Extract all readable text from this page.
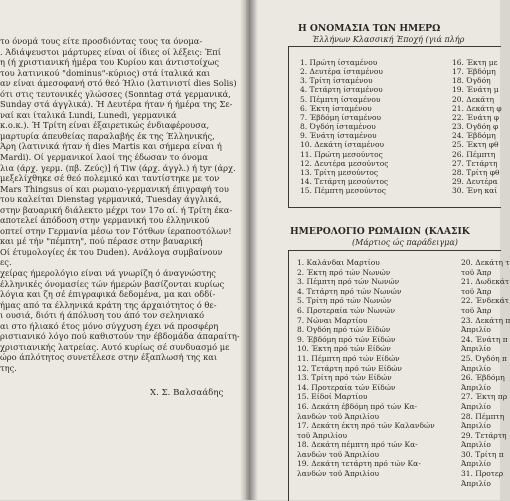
το όνομά τους είτε προσδιόντας τους τα όνομα-
. Άδιάψευστοι μάρτυρες είναι οί ίδιες οί λέξεις: Έπί
η (ή χριστιανική ήμέρα του Κυρίου και άντιστοίχως
του λατινικού "dominus"-κύριος) στά ίταλικά και
αν είναι άμεσοφανή στό θεό Ήλιο (λατινιστί dies Solis)
ότι στις τευτονικές γλώσσες (Sonntag στά γερμανικά,
Sunday στά άγγλικά). Ή Δευτέρα ήταν ή ήμέρα της Σε-
ναί και ίταλικά Lundi, Lunedi, γερμανικά
κ.ο.κ.). Ή Τρίτη είναι έξαιρετικώς ένδιαφέρουσα,
μαρτυρία άπευθείας παραλαβής έκ της Έλληνικής,
Άρη (λατινικά ήταν ή dies Martis και σήμερα είναι ή
Mardi). Οί γερμανικοί λαοί της έδωσαν το όνομα
λια (άρχ. γερμ. (πβ. Ζεύς)] ή Tiw (άρχ. άγγλ.) ή tyr (άρχ.
μεξελίχθηκε σέ θεό πολεμικό και ταυτίστηκε με τον
Mars Thingsus οί και ρωμαιο-γερμανική έπιγραφή του
του καλείται Dienstag γερμανικά, Tuesday άγγλικά,
στην βαυαρική διάλεκτο μέχρι τον 17ο αί. ή Τρίτη έκα-
αποτελεί άπόδοση στην γερμανική του έλληνικού
οπτεί στην Γερμανία μέσω τον Γότθων ίεραποστόλων!
και μέ τήν "πέμπτη", πού πέρασε στην βαυαρική
Οί έτυμολογίες έκ του Duden). Ανάλογα συμβαίνουν
ες.
χείρας ήμερολόγιο είναι νά γνωρίζη ό άναγνώστης
έλληνικές όνομασίες τών ήμερών βασίζονται κυρίως
λόγια και ζη σέ έπιγραφικά δεδομένα, μα και οδδί-
ήμας από τα έλληνικά κράτη της άρχαιότητος ό θε-
ι ουσιά, διότι ή άπόλυση του άπό τον σεληνιακό
αι στο ήλιακό έτος μόνο σύγχυση έχει νά προσφέρη
ριστιανικό λόγο πού καθιστούν την έβδομάδα άπαραίτη-
χριστιανικής λατρείας. Αυτό κυρίως σέ συνδυασμό με
ώρο άπλότητος συνετέλεσε στην έξαπλωσή της και
της.
Χ. Σ. Βαλσαάδης
Η ΟΝΟΜΑΣΙΑ ΤΩΝ ΗΜΕΡΩ
Έλλήνων Κλασσική Έποχή (γιά πλήρ
1. Πρώτη ίσταμένου
2. Δευτέρα ίσταμένου
3. Τρίτη ίσταμένου
4. Τετάρτη ίσταμένου
5. Πέμπτη ίσταμένου
6. Έκτη ίσταμένου
7. Έβδόμη ίσταμένου
8. Όγδόη ίσταμένου
9. Ένάτη ίσταμένου
10. Δεκάτη ίσταμένου
11. Πρώτη μεσούντος
12. Δευτέρα μεσούντος
13. Τρίτη μεσούντος
14. Τετάρτη μεσούντος
15. Πέμπτη μεσούντος
16. Έκτη με
17. Έβδόμη
18. Όγδόη
19. Ένάτη μ
20. Δεκάτη
21. Δεκάτη φ
22. Ένάτη φ
23. Όγδόη φ
24. Έβδόμη
25. Έκτη φθ
26. Πέμπτη
27. Τετάρτη
28. Τρίτη φθ
29. Δευτέρα
30. Ένη καί
ΗΜΕΡΟΛΟΓΙΟ ΡΩΜΑΙΩΝ (ΚΛΑΣΙΚ
(Μάρτιος ώς παράδειγμα)
1. Καλάνδαι Μαρτίου
2. Έκτη πρό τών Νωνών
3. Πέμπτη πρό τών Νωνών
4. Τετάρτη πρό τών Νωνών
5. Τρίτη πρό τών Νωνών
6. Προτεραία τών Νωνών
7. Νώναι Μαρτίου
8. Όγδόη πρό τών Είδών
9. Έβδόμη πρό τών Είδών
10. Έκτη πρό τών Είδών
11. Πέμπτη πρό τών Είδών
12. Τετάρτη πρό τών Είδών
13. Τρίτη πρό τών Είδών
14. Προτεραία τών Είδών
15. Είδοί Μαρτίου
16. Δεκάτη έβδόμη πρό τών Κα-
λανδών τοϋ Άπριλίου
17. Δεκάτη έκτη πρό τών Καλανδών
τοϋ Άπριλίου
18. Δεκάτη πέμπτη πρό τών Κα-
λανδών τοϋ Άπριλίου
19. Δεκάτη τετάρτη πρό τών Κα-
λανδών τοϋ Άπριλίου
20. Δεκάτη τ
τοϋ Άπρ
21. Δωδεκάτ
τοϋ Άπρ
22. Ένδεκάτ
τοϋ Άπρ
23. Δεκάτη π
Άπριλίο
24. Ένάτη π
Άπριλίο
25. Όγδόη π
Άπριλίο
26. Έβδόμη
Άπριλίο
27. Έκτη πρ
Άπριλίο
28. Πέμπτη
Άπριλίο
29. Τετάρτη
Άπριλίο
30. Τρίτη π
Άπριλίο
31. Προτερ
Άπριλίο
